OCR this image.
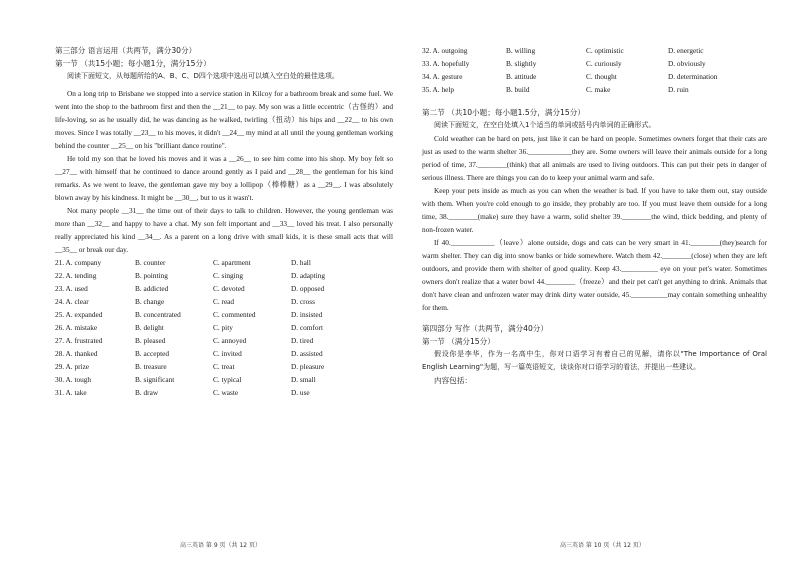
第三部分 语言运用（共两节，满分30分）
第一节 （共15小题；每小题1分，满分15分）

阅读下面短文，从每题所给的A、B、C、D四个选项中选出可以填入空白处的最佳选项。

On a long trip to Brisbane we stopped into a service station in Kilcoy for a bathroom break and some fuel. We went into the shop to the bathroom first and then the __21__ to pay. My son was a little eccentric（古怪的）and life-loving, so as he usually did, he was dancing as he walked, twirling（扭动）his hips and __22__ to his own moves. Since I was totally __23__ to his moves, it didn't __24__ my mind at all until the young gentleman working behind the counter __25__ on his "brilliant dance routine".

He told my son that he loved his moves and it was a __26__ to see him come into his shop. My boy felt so __27__ with himself that he continued to dance around gently as I paid and __28__ the gentleman for his kind remarks. As we went to leave, the gentleman gave my boy a lollipop（棒棒糖）as a __29__. I was absolutely blown away by his kindness. It might be __30__, but to us it wasn't.

Not many people __31__ the time out of their days to talk to children. However, the young gentleman was more than __32__ and happy to have a chat. My son felt important and __33__ loved his treat. I also personally really appreciated his kind __34__. As a parent on a long drive with small kids, it is these small acts that will __35__ or break our day.

21. A. company	B. counter	C. apartment	D. hall
22. A. tending	B. pointing	C. singing	D. adapting
23. A. used	B. addicted	C. devoted	D. opposed
24. A. clear	B. change	C. read	D. cross
25. A. expanded	B. concentrated	C. commented	D. insisted
26. A. mistake	B. delight	C. pity	D. comfort
27. A. frustrated	B. pleased	C. annoyed	D. tired
28. A. thanked	B. accepted	C. invited	D. assisted
29. A. prize	B. treasure	C. treat	D. pleasure
30. A. tough	B. significant	C. typical	D. small
31. A. take	B. draw	C. waste	D. use
高三英语 第 9 页（共 12 页）
32. A. outgoing	B. willing	C. optimistic	D. energetic
33. A. hopefully	B. slightly	C. curiously	D. obviously
34. A. gesture	B. attitude	C. thought	D. determination
35. A. help	B. build	C. make	D. ruin
第二节 （共10小题；每小题1.5分，满分15分）

阅读下面短文，在空白处填入1个适当的单词或括号内单词的正确形式。

Cold weather can be hard on pets, just like it can be hard on people. Sometimes owners forget that their cats are just as used to the warm shelter 36.____________they are. Some owners will leave their animals outside for a long period of time, 37.________(think) that all animals are used to living outdoors. This can put their pets in danger of serious illness. There are things you can do to keep your animal warm and safe.

Keep your pets inside as much as you can when the weather is bad. If you have to take them out, stay outside with them. When you're cold enough to go inside, they probably are too. If you must leave them outside for a long time, 38.________(make) sure they have a warm, solid shelter 39.________the wind, thick bedding, and plenty of non-frozen water.

If 40.____________（leave）alone outside, dogs and cats can be very smart in 41.________(they)search for warm shelter. They can dig into snow banks or hide somewhere. Watch them 42.________(close) when they are left outdoors, and provide them with shelter of good quality. Keep 43.__________ eye on your pet's water. Sometimes owners don't realize that a water bowl 44.________（freeze）and their pet can't get anything to drink. Animals that don't have clean and unfrozen water may drink dirty water outside, 45.__________may contain something unhealthy for them.

第四部分 写作（共两节，满分40分）
第一节 （满分15分）

假设你是李华，作为一名高中生，你对口语学习有着自己的见解，请你以"The Importance of Oral English Learning"为题，写一篇英语短文，谈谈你对口语学习的看法，并提出一些建议。

内容包括：
高三英语 第 10 页（共 12 页）
